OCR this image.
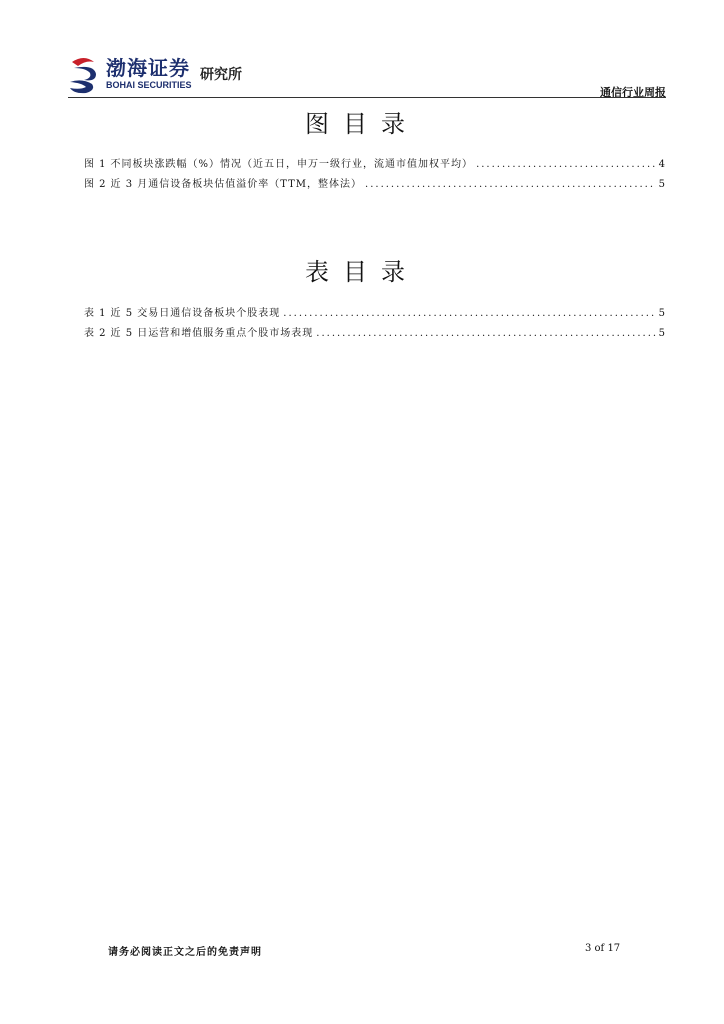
渤海证券
BOHAI SECURITIES
研究所
通信行业周报
图目录
图 1 不同板块涨跌幅（%）情况（近五日，申万一级行业，流通市值加权平均） .....	4
图 2 近 3 月通信设备板块估值溢价率（TTM，整体法） .....	5
表目录
表 1 近 5 交易日通信设备板块个股表现 .....	5
表 2 近 5 日运营和增值服务重点个股市场表现 .....	5
请务必阅读正文之后的免责声明	3 of 17
